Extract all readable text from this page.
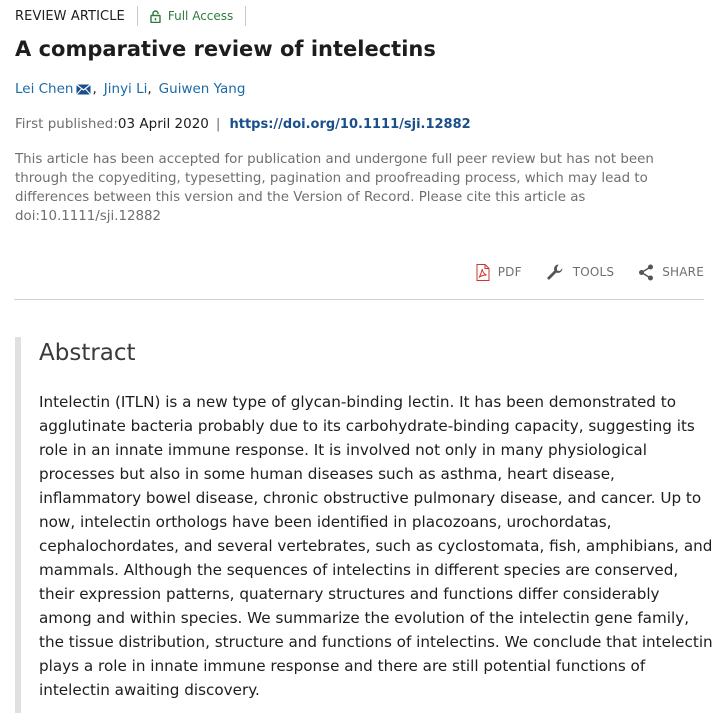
REVIEW ARTICLE	Full Access
A comparative review of intelectins
Lei Chen , Jinyi Li , Guiwen Yang
First published: 03 April 2020 | https://doi.org/10.1111/sji.12882

This article has been accepted for publication and undergone full peer review but has not been through the copyediting, typesetting, pagination and proofreading process, which may lead to differences between this version and the Version of Record. Please cite this article as doi:10.1111/sji.12882

PDF	TOOLS	SHARE
Abstract

Intelectin (ITLN) is a new type of glycan-binding lectin. It has been demonstrated to agglutinate bacteria probably due to its carbohydrate-binding capacity, suggesting its role in an innate immune response. It is involved not only in many physiological processes but also in some human diseases such as asthma, heart disease, inflammatory bowel disease, chronic obstructive pulmonary disease, and cancer. Up to now, intelectin orthologs have been identified in placozoans, urochordatas, cephalochordates, and several vertebrates, such as cyclostomata, fish, amphibians, and mammals. Although the sequences of intelectins in different species are conserved, their expression patterns, quaternary structures and functions differ considerably among and within species. We summarize the evolution of the intelectin gene family, the tissue distribution, structure and functions of intelectins. We conclude that intelectin plays a role in innate immune response and there are still potential functions of intelectin awaiting discovery.
